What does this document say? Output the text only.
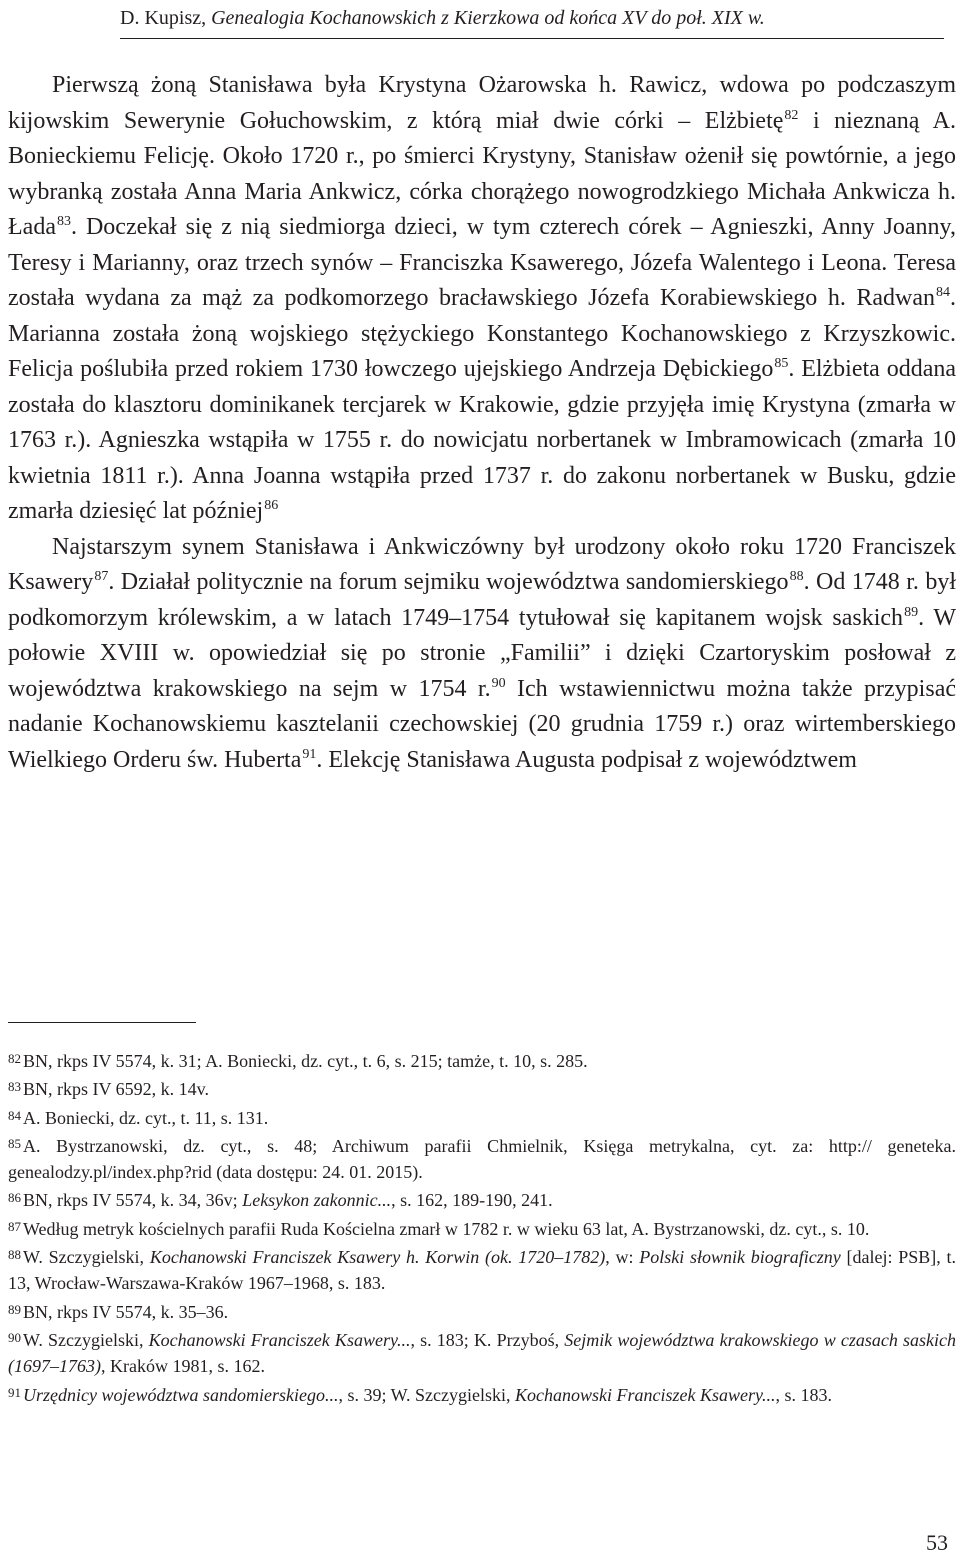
D. Kupisz, Genealogia Kochanowskich z Kierzkowa od końca XV do poł. XIX w.

Pierwszą żoną Stanisława była Krystyna Ożarowska h. Rawicz, wdowa po podczaszym kijowskim Sewerynie Gołuchowskim, z którą miał dwie córki – Elżbietę$^{82}$ i nieznaną A. Bonieckiemu Felicję. Około 1720 r., po śmierci Krystyny, Stanisław ożenił się powtórnie, a jego wybranką została Anna Maria Ankwicz, córka chorążego nowogrodzkiego Michała Ankwicza h. Łada$^{83}$. Doczekał się z nią siedmiorga dzieci, w tym czterech córek – Agnieszki, Anny Joanny, Teresy i Marianny, oraz trzech synów – Franciszka Ksawerego, Józefa Walentego i Leona. Teresa została wydana za mąż za podkomorzego bracławskiego Józefa Korabiewskiego h. Radwan$^{84}$. Marianna została żoną wojskiego stężyckiego Konstantego Kochanowskiego z Krzyszkowic. Felicja poślubiła przed rokiem 1730 łowczego ujejskiego Andrzeja Dębickiego$^{85}$. Elżbieta oddana została do klasztoru dominikanek tercjarek w Krakowie, gdzie przyjęła imię Krystyna (zmarła w 1763 r.). Agnieszka wstąpiła w 1755 r. do nowicjatu norbertanek w Imbramowicach (zmarła 10 kwietnia 1811 r.). Anna Joanna wstąpiła przed 1737 r. do zakonu norbertanek w Busku, gdzie zmarła dziesięć lat później$^{86}$

Najstarszym synem Stanisława i Ankwiczówny był urodzony około roku 1720 Franciszek Ksawery$^{87}$. Działał politycznie na forum sejmiku województwa sandomierskiego$^{88}$. Od 1748 r. był podkomorzym królewskim, a w latach 1749–1754 tytułował się kapitanem wojsk saskich$^{89}$. W połowie XVIII w. opowiedział się po stronie „Familii” i dzięki Czartoryskim posłował z województwa krakowskiego na sejm w 1754 r.$^{90}$ Ich wstawiennictwu można także przypisać nadanie Kochanowskiemu kasztelanii czechowskiej (20 grudnia 1759 r.) oraz wirtemberskiego Wielkiego Orderu św. Huberta$^{91}$. Elekcję Stanisława Augusta podpisał z województwem

$^{82}$ BN, rkps IV 5574, k. 31; A. Boniecki, dz. cyt., t. 6, s. 215; tamże, t. 10, s. 285.

$^{83}$ BN, rkps IV 6592, k. 14v.

$^{84}$ A. Boniecki, dz. cyt., t. 11, s. 131.

$^{85}$ A. Bystrzanowski, dz. cyt., s. 48; Archiwum parafii Chmielnik, Księga metrykalna, cyt. za: http:// geneteka. genealodzy.pl/index.php?rid (data dostępu: 24. 01. 2015).

$^{86}$ BN, rkps IV 5574, k. 34, 36v; Leksykon zakonnic..., s. 162, 189-190, 241.

$^{87}$ Według metryk kościelnych parafii Ruda Kościelna zmarł w 1782 r. w wieku 63 lat, A. Bystrzanowski, dz. cyt., s. 10.

$^{88}$ W. Szczygielski, Kochanowski Franciszek Ksawery h. Korwin (ok. 1720–1782), w: Polski słownik biograficzny [dalej: PSB], t. 13, Wrocław-Warszawa-Kraków 1967–1968, s. 183.

$^{89}$ BN, rkps IV 5574, k. 35–36.

$^{90}$ W. Szczygielski, Kochanowski Franciszek Ksawery..., s. 183; K. Przyboś, Sejmik województwa krakowskiego w czasach saskich (1697–1763), Kraków 1981, s. 162.

$^{91}$ Urzędnicy województwa sandomierskiego..., s. 39; W. Szczygielski, Kochanowski Franciszek Ksawery..., s. 183.

53
